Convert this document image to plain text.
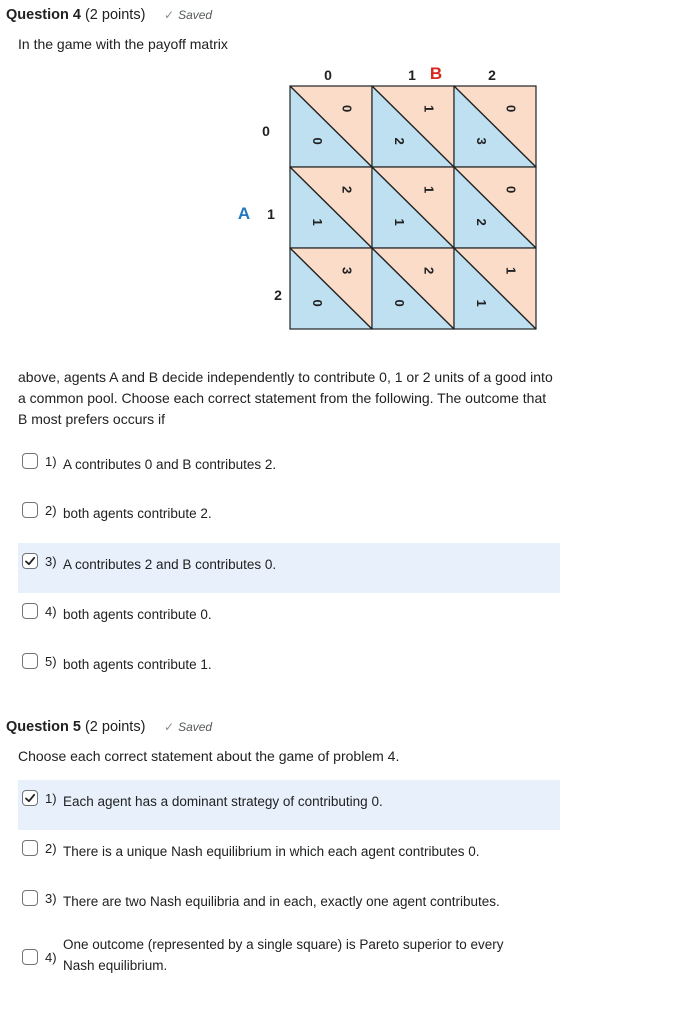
Question 4 (2 points) ✓ Saved
In the game with the payoff matrix
0
0
1
2
0
3
2
1
1
1
0
2
3
0
2
0
1
1
0	1	2
B
0
1
2
A
above, agents A and B decide independently to contribute 0, 1 or 2 units of a good into a common pool. Choose each correct statement from the following. The outcome that B most prefers occurs if
1) A contributes 0 and B contributes 2.
2) both agents contribute 2.
3) A contributes 2 and B contributes 0.
4) both agents contribute 0.
5) both agents contribute 1.
Question 5 (2 points) ✓ Saved
Choose each correct statement about the game of problem 4.
1) Each agent has a dominant strategy of contributing 0.
2) There is a unique Nash equilibrium in which each agent contributes 0.
3) There are two Nash equilibria and in each, exactly one agent contributes.
4)
One outcome (represented by a single square) is Pareto superior to every Nash equilibrium.
